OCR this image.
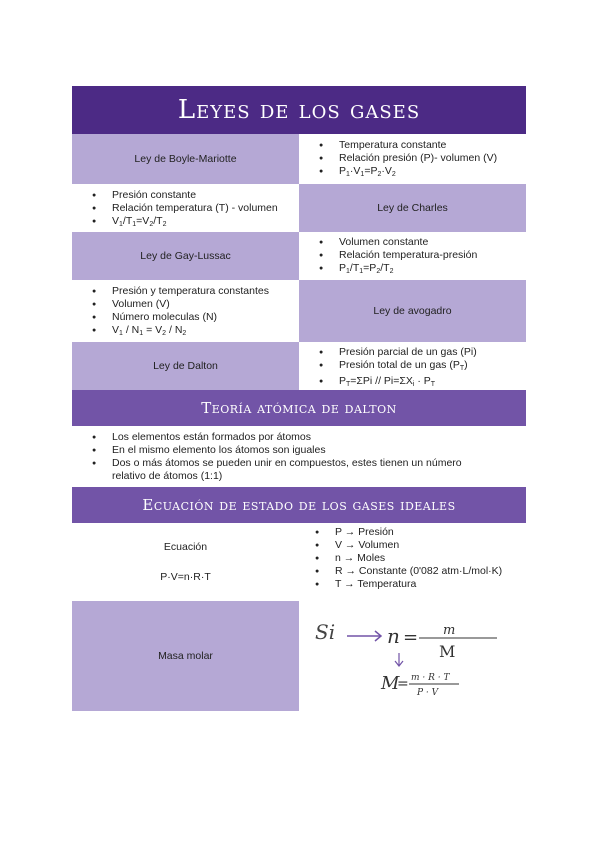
Leyes de los gases
Ley de Boyle-Mariotte
● Temperatura constante
● Relación presión (P)- volumen (V)
● $P_1\cdot V_1=P_2\cdot V_2$
● Presión constante
● Relación temperatura (T) - volumen
● $V_1/T_1=V_2/T_2$
Ley de Charles
Ley de Gay-Lussac
● Volumen constante
● Relación temperatura-presión
● $P_1/T_1=P_2/T_2$
● Presión y temperatura constantes
● Volumen (V)
● Número moleculas (N)
● $V_1 / N_1 = V_2 / N_2$
Ley de avogadro
Ley de Dalton
● Presión parcial de un gas (Pi)
● Presión total de un gas $(P_T)$
● $P_T=\Sigma Pi // Pi=\Sigma X_i \cdot P_T$
Teoría atómica de dalton
● Los elementos están formados por átomos
● En el mismo elemento los átomos son iguales
● Dos o más átomos se pueden unir en compuestos, estes tienen un número relativo de átomos (1:1)
Ecuación de estado de los gases ideales
Ecuación
P·V=n·R·T
● P → Presión
● V → Volumen
● n → Moles
● R → Constante (0'082 atm·L/mol·K)
● T → Temperatura
Masa molar
Si	n = m
M
M
= m · R · T
P · V
